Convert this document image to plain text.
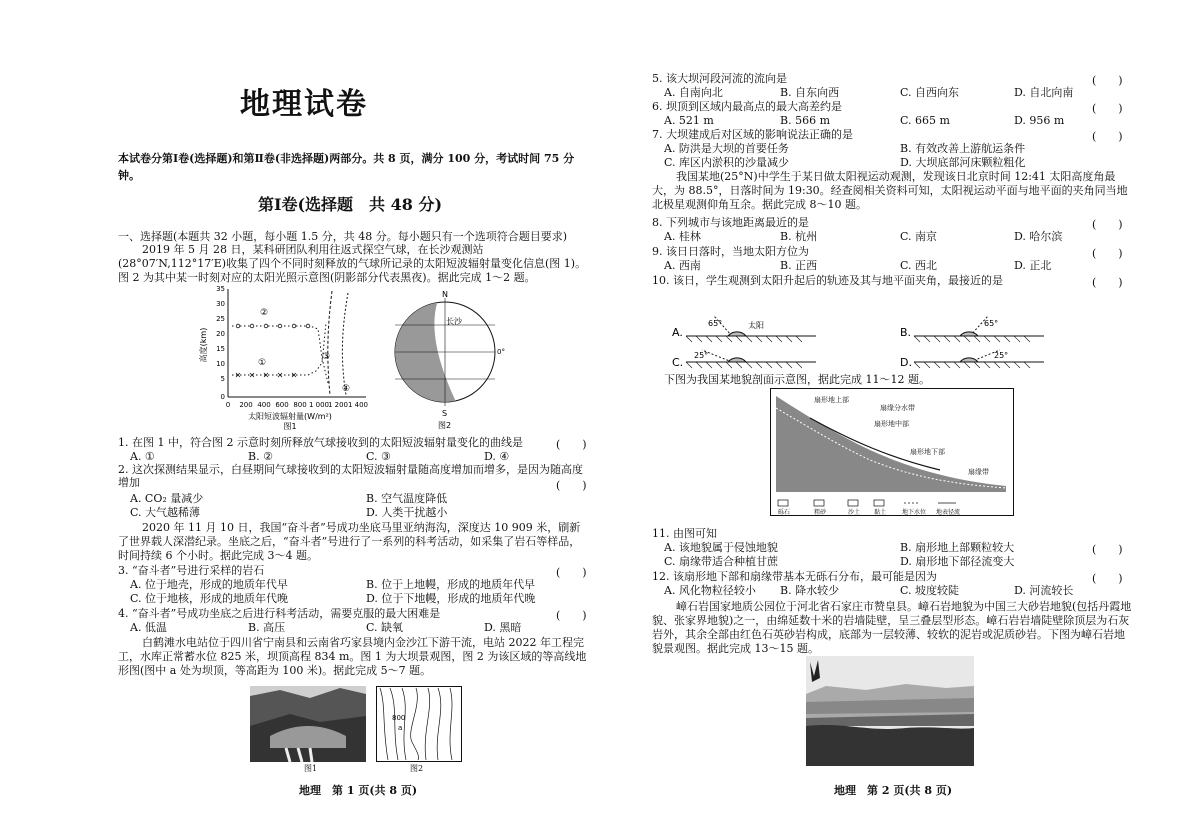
地理试卷
本试卷分第Ⅰ卷(选择题)和第Ⅱ卷(非选择题)两部分。共 8 页，满分 100 分，考试时间 75 分钟。
第Ⅰ卷(选择题　共 48 分)
一、选择题(本题共 32 小题，每小题 1.5 分，共 48 分。每小题只有一个选项符合题目要求)
2019 年 5 月 28 日，某科研团队利用往返式探空气球，在长沙观测站(28°07′N,112°17′E)收集了四个不同时刻释放的气球所记录的太阳短波辐射量变化信息(图 1)。图 2 为其中某一时刻对应的太阳光照示意图(阴影部分代表黑夜)。据此完成 1～2 题。
35
30
25
20
15
10
5
0
0 200 400 600 800 1 000
1 200 1 400
高度(km)
太阳短波辐射量(W/m²)
图1
②
①
③
④
N
S
长沙
0°
图2
1. 在图 1 中，符合图 2 示意时刻所释放气球接收到的太阳短波辐射量变化的曲线是	(　　)
A. ①	B. ②	C. ③	D. ④
2. 这次探测结果显示，白昼期间气球接收到的太阳短波辐射量随高度增加而增多，是因为随高度增加	(　　)
A. CO₂ 量减少	B. 空气温度降低
C. 大气越稀薄	D. 人类干扰越小
2020 年 11 月 10 日，我国“奋斗者”号成功坐底马里亚纳海沟，深度达 10 909 米，刷新了世界载人深潜纪录。坐底之后，“奋斗者”号进行了一系列的科考活动，如采集了岩石等样品，时间持续 6 个小时。据此完成 3～4 题。
3. “奋斗者”号进行采样的岩石	(　　)
A. 位于地壳，形成的地质年代早	B. 位于上地幔，形成的地质年代早
C. 位于地核，形成的地质年代晚	D. 位于下地幔，形成的地质年代晚
4. “奋斗者”号成功坐底之后进行科考活动，需要克服的最大困难是	(　　)
A. 低温	B. 高压	C. 缺氧	D. 黑暗
白鹤滩水电站位于四川省宁南县和云南省巧家县境内金沙江下游干流，电站 2022 年工程完工，水库正常蓄水位 825 米，坝顶高程 834 m。图 1 为大坝景观图，图 2 为该区域的等高线地形图(图中 a 处为坝顶，等高距为 100 米)。据此完成 5～7 题。
图1
800
a
图2
地理　第 1 页(共 8 页)
5. 该大坝河段河流的流向是	(　　)
A. 自南向北	B. 自东向西	C. 自西向东	D. 自北向南
6. 坝顶到区域内最高点的最大高差约是	(　　)
A. 521 m	B. 566 m	C. 665 m	D. 956 m
7. 大坝建成后对区域的影响说法正确的是	(　　)
A. 防洪是大坝的首要任务	B. 有效改善上游航运条件
C. 库区内淤积的沙量减少	D. 大坝底部河床颗粒粗化
我国某地(25°N)中学生于某日做太阳视运动观测，发现该日北京时间 12:41 太阳高度角最大，为 88.5°，日落时间为 19:30。经查阅相关资料可知，太阳视运动平面与地平面的夹角同当地北极星观测仰角互余。据此完成 8～10 题。
8. 下列城市与该地距离最近的是	(　　)
A. 桂林	B. 杭州	C. 南京	D. 哈尔滨
9. 该日日落时，当地太阳方位为	(　　)
A. 西南	B. 正西	C. 西北	D. 正北
10. 该日，学生观测到太阳升起后的轨迹及其与地平面夹角，最接近的是	(　　)
A.
65°	太阳
B.
65°
C.
25°
D.
25°
下图为我国某地貌剖面示意图，据此完成 11～12 题。
扇形地上部
扇形地中部
扇形地下部
扇缘带
扇缘分水带
砾石	粗砂	沙土 黏土	地下水位 地表径流
11. 由图可知
A. 该地貌属于侵蚀地貌	B. 扇形地上部颗粒较大
C. 扇缘带适合种植甘蔗	D. 扇形地下部径流变大
(　　)
12. 该扇形地下部和扇缘带基本无砾石分布，最可能是因为	(　　)
A. 风化物粒径较小 B. 降水较少	C. 坡度较陡	D. 河流较长
嶂石岩国家地质公园位于河北省石家庄市赞皇县。嶂石岩地貌为中国三大砂岩地貌(包括丹霞地貌、张家界地貌)之一，由绵延数十米的岩墙陡壁，呈三叠层型形态。嶂石岩岩墙陡壁除顶层为石灰岩外，其余全部由红色石英砂岩构成，底部为一层较薄、较软的泥岩或泥质砂岩。下图为嶂石岩地貌景观图。据此完成 13～15 题。
地理　第 2 页(共 8 页)
